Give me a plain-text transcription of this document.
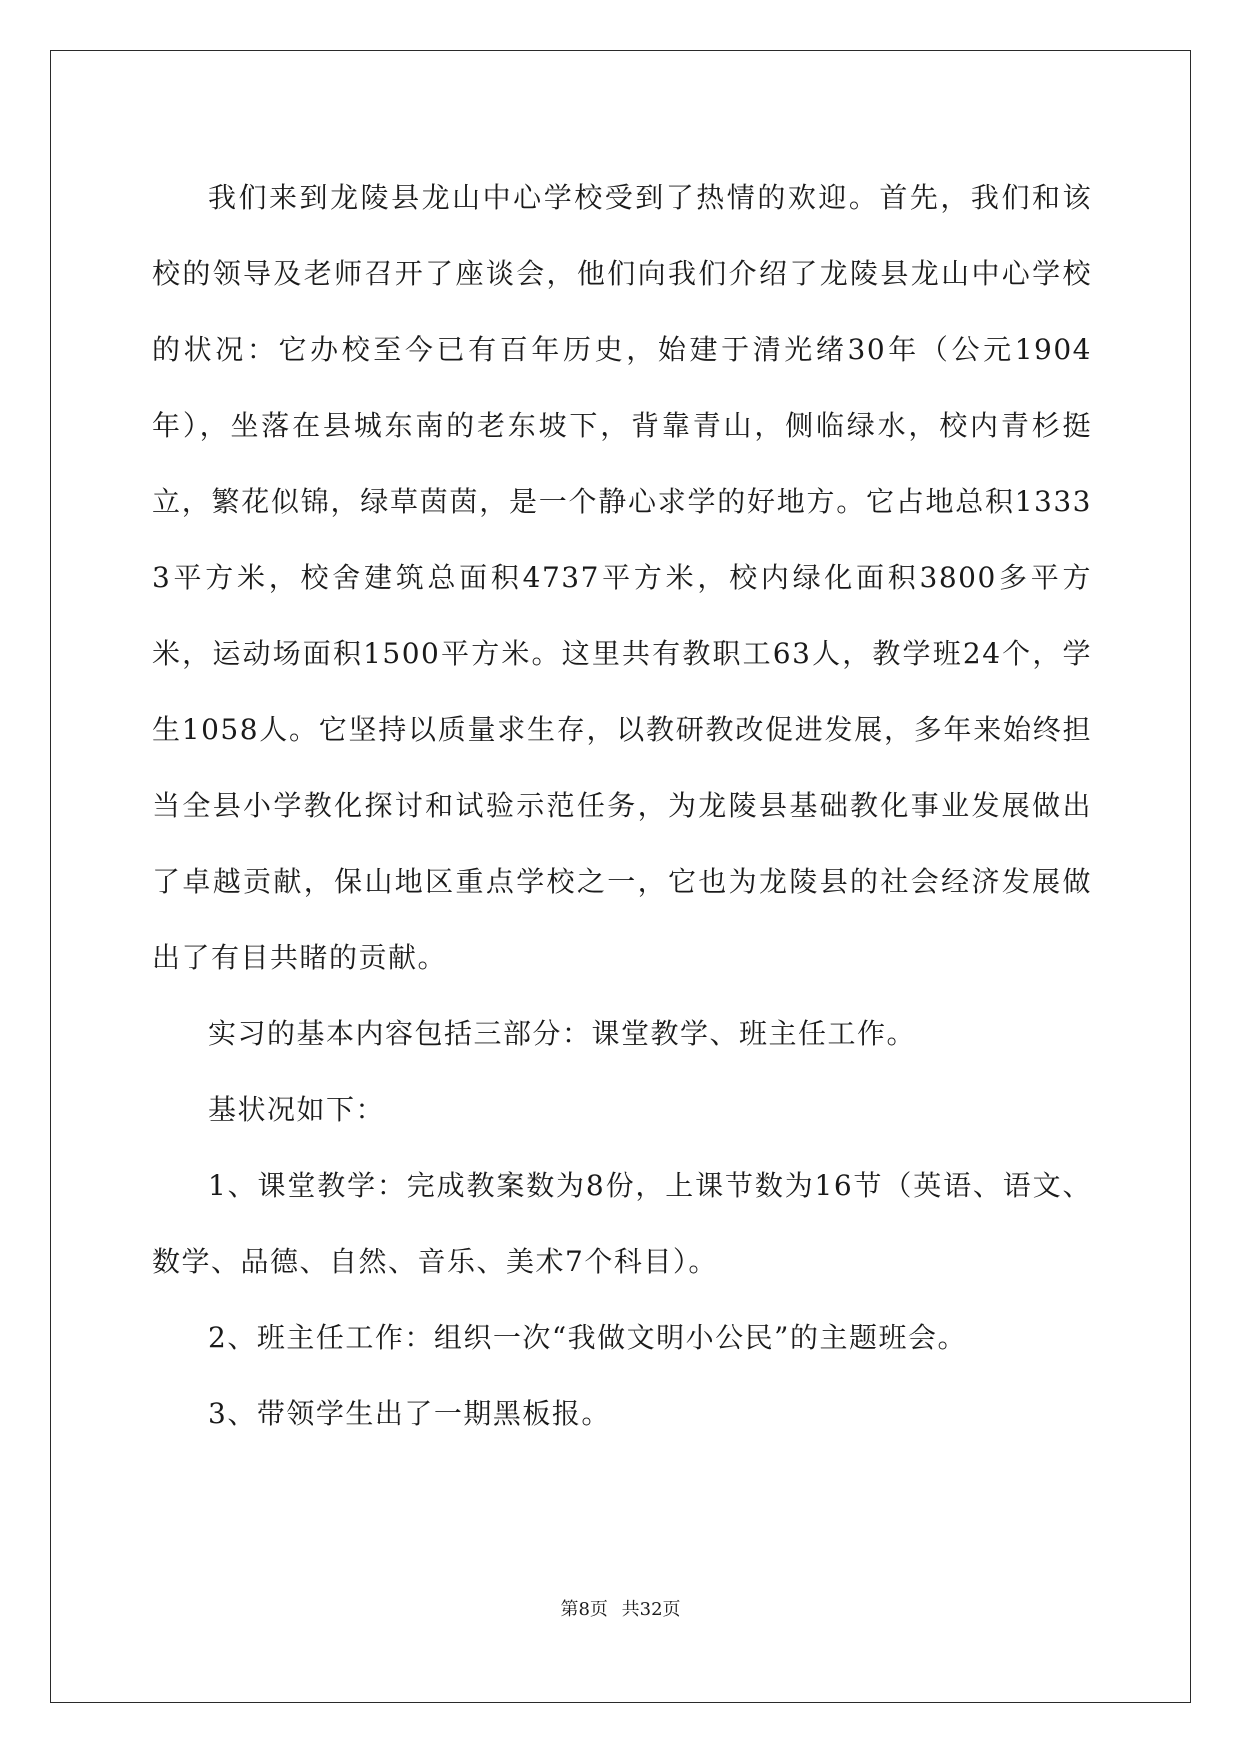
我们来到龙陵县龙山中心学校受到了热情的欢迎。首先，我们和该校的领导及老师召开了座谈会，他们向我们介绍了龙陵县龙山中心学校的状况：它办校至今已有百年历史，始建于清光绪30年（公元1904年），坐落在县城东南的老东坡下，背靠青山，侧临绿水，校内青杉挺立，繁花似锦，绿草茵茵，是一个静心求学的好地方。它占地总积13333平方米，校舍建筑总面积4737平方米，校内绿化面积3800多平方米，运动场面积1500平方米。这里共有教职工63人，教学班24个，学生1058人。它坚持以质量求生存，以教研教改促进发展，多年来始终担当全县小学教化探讨和试验示范任务，为龙陵县基础教化事业发展做出了卓越贡献，保山地区重点学校之一，它也为龙陵县的社会经济发展做出了有目共睹的贡献。

实习的基本内容包括三部分：课堂教学、班主任工作。

基状况如下：

1、课堂教学：完成教案数为8份，上课节数为16节（英语、语文、数学、品德、自然、音乐、美术7个科目）。

2、班主任工作：组织一次“我做文明小公民”的主题班会。

3、带领学生出了一期黑板报。

第8页 共32页
